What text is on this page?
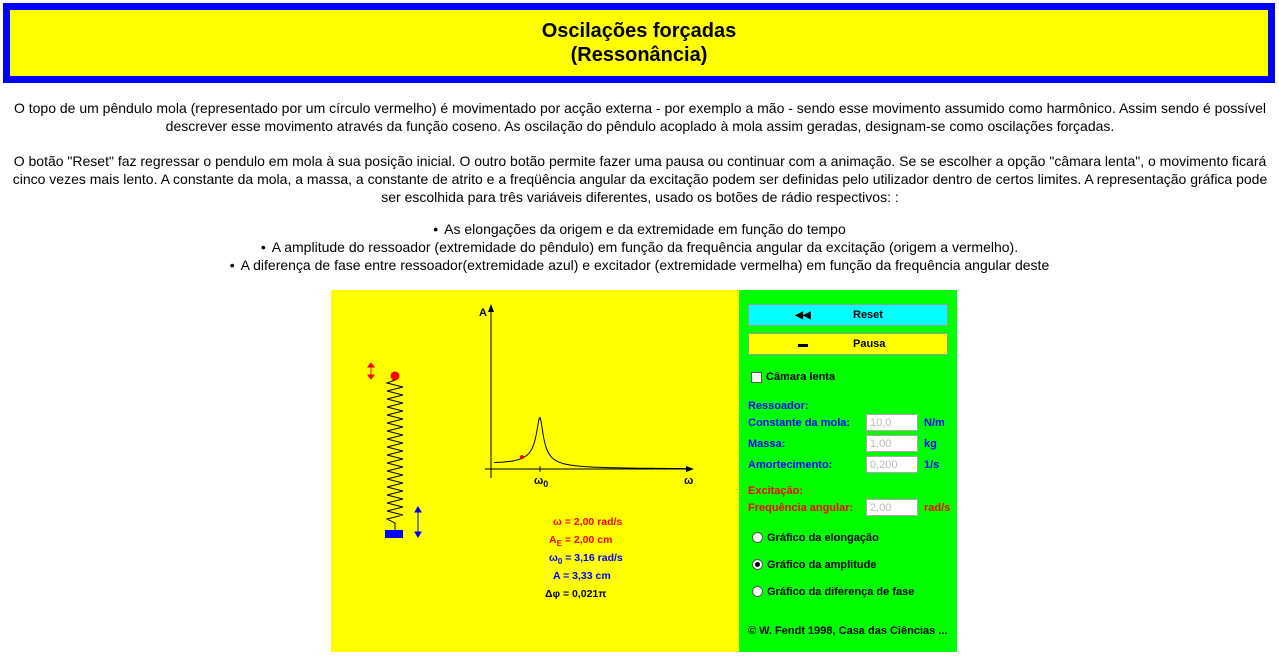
Oscilações forçadas
(Ressonância)
O topo de um pêndulo mola (representado por um círculo vermelho) é movimentado por acção externa - por exemplo a mão - sendo esse movimento assumido como harmônico. Assim sendo é possível descrever esse movimento através da função coseno. As oscilação do pêndulo acoplado à mola assim geradas, designam-se como oscilações forçadas.
O botão "Reset" faz regressar o pendulo em mola à sua posição inicial. O outro botão permite fazer uma pausa ou continuar com a animação. Se se escolher a opção "câmara lenta", o movimento ficará cinco vezes mais lento. A constante da mola, a massa, a constante de atrito e a freqüência angular da excitação podem ser definidas pelo utilizador dentro de certos limites. A representação gráfica pode ser escolhida para três variáveis diferentes, usado os botões de rádio respectivos: :
• As elongações da origem e da extremidade em função do tempo
• A amplitude do ressoador (extremidade do pêndulo) em função da frequência angular da excitação (origem a vermelho).
• A diferença de fase entre ressoador(extremidade azul) e excitador (extremidade vermelha) em função da frequência angular deste
A
ω
$\omega_0$
ω = 2,00 rad/s
$A_E = 2,00$ cm
$\omega_0 = 3,16$ rad/s
A = 3,33 cm
Δφ = 0,021π
◀◀	Reset
▬	Pausa
Câmara lenta
Ressoador:
Constante da mola:
10,0	N/m
Massa:
1,00	kg
Amortecimento:
0,200	1/s
Excitação:
Frequência angular:
2,00	rad/s
Gráfico da elongação
Gráfico da amplitude
Gráfico da diferença de fase
© W. Fendt 1998, Casa das Ciências ...
